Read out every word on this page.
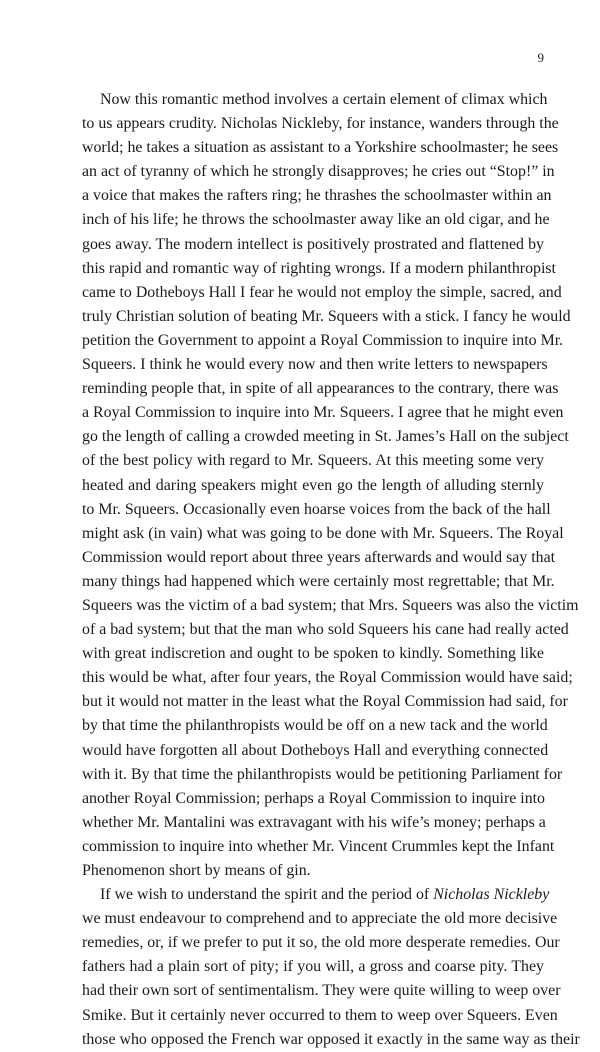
9
Now this romantic method involves a certain element of climax which
to us appears crudity. Nicholas Nickleby, for instance, wanders through the
world; he takes a situation as assistant to a Yorkshire schoolmaster; he sees
an act of tyranny of which he strongly disapproves; he cries out “Stop!” in
a voice that makes the rafters ring; he thrashes the schoolmaster within an
inch of his life; he throws the schoolmaster away like an old cigar, and he
goes away. The modern intellect is positively prostrated and flattened by
this rapid and romantic way of righting wrongs. If a modern philanthropist
came to Dotheboys Hall I fear he would not employ the simple, sacred, and
truly Christian solution of beating Mr. Squeers with a stick. I fancy he would
petition the Government to appoint a Royal Commission to inquire into Mr.
Squeers. I think he would every now and then write letters to newspapers
reminding people that, in spite of all appearances to the contrary, there was
a Royal Commission to inquire into Mr. Squeers. I agree that he might even
go the length of calling a crowded meeting in St. James’s Hall on the subject
of the best policy with regard to Mr. Squeers. At this meeting some very
heated and daring speakers might even go the length of alluding sternly
to Mr. Squeers. Occasionally even hoarse voices from the back of the hall
might ask (in vain) what was going to be done with Mr. Squeers. The Royal
Commission would report about three years afterwards and would say that
many things had happened which were certainly most regrettable; that Mr.
Squeers was the victim of a bad system; that Mrs. Squeers was also the victim
of a bad system; but that the man who sold Squeers his cane had really acted
with great indiscretion and ought to be spoken to kindly. Something like
this would be what, after four years, the Royal Commission would have said;
but it would not matter in the least what the Royal Commission had said, for
by that time the philanthropists would be off on a new tack and the world
would have forgotten all about Dotheboys Hall and everything connected
with it. By that time the philanthropists would be petitioning Parliament for
another Royal Commission; perhaps a Royal Commission to inquire into
whether Mr. Mantalini was extravagant with his wife’s money; perhaps a
commission to inquire into whether Mr. Vincent Crummles kept the Infant
Phenomenon short by means of gin.
If we wish to understand the spirit and the period of Nicholas Nickleby
we must endeavour to comprehend and to appreciate the old more decisive
remedies, or, if we prefer to put it so, the old more desperate remedies. Our
fathers had a plain sort of pity; if you will, a gross and coarse pity. They
had their own sort of sentimentalism. They were quite willing to weep over
Smike. But it certainly never occurred to them to weep over Squeers. Even
those who opposed the French war opposed it exactly in the same way as their
